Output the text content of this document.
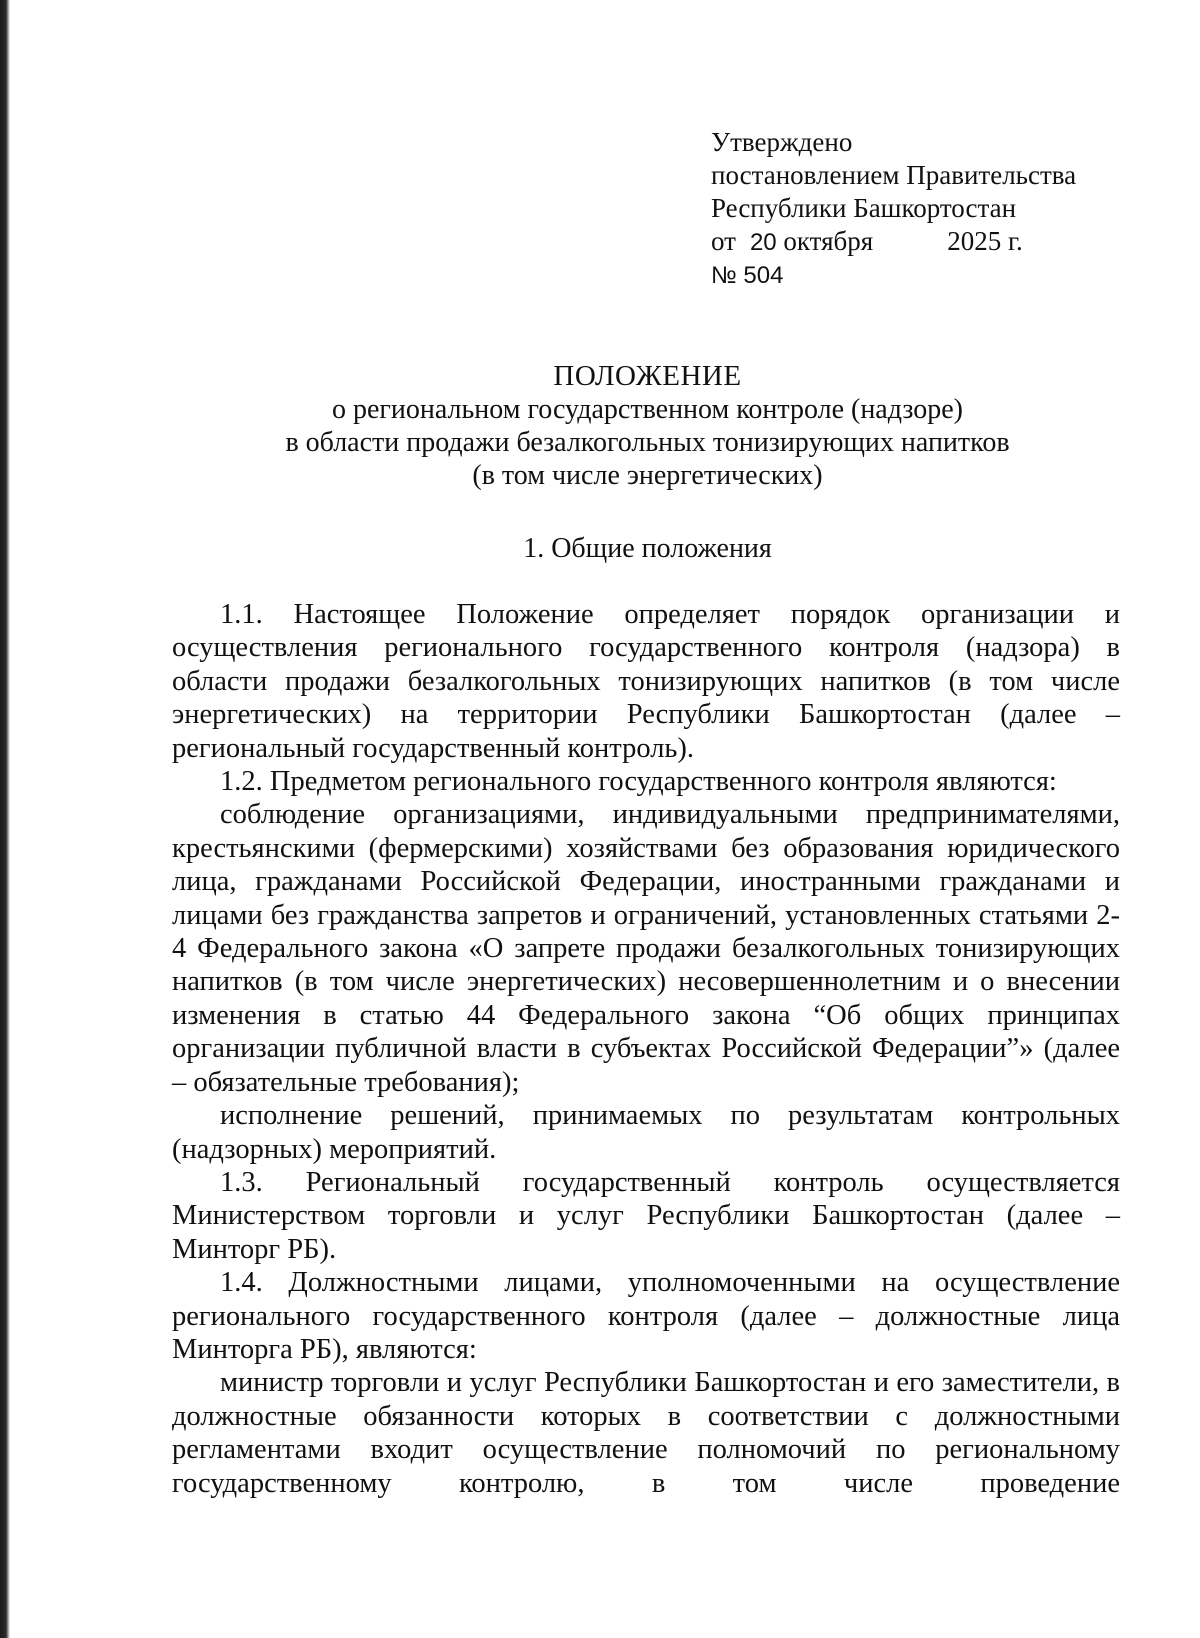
Утверждено
постановлением Правительства
Республики Башкортостан
от 20 октября	2025 г.
№ 504
ПОЛОЖЕНИЕ
о региональном государственном контроле (надзоре)
в области продажи безалкогольных тонизирующих напитков
(в том числе энергетических)
1. Общие положения

1.1. Настоящее Положение определяет порядок организации и осуществления регионального государственного контроля (надзора) в области продажи безалкогольных тонизирующих напитков (в том числе энергетических) на территории Республики Башкортостан (далее – региональный государственный контроль).

1.2. Предметом регионального государственного контроля являются:

соблюдение организациями, индивидуальными предпринимателями, крестьянскими (фермерскими) хозяйствами без образования юридического лица, гражданами Российской Федерации, иностранными гражданами и лицами без гражданства запретов и ограничений, установленных статьями 2-4 Федерального закона «О запрете продажи безалкогольных тонизирующих напитков (в том числе энергетических) несовершеннолетним и о внесении изменения в статью 44 Федерального закона “Об общих принципах организации публичной власти в субъектах Российской Федерации”» (далее – обязательные требования);

исполнение решений, принимаемых по результатам контрольных (надзорных) мероприятий.

1.3. Региональный государственный контроль осуществляется Министерством торговли и услуг Республики Башкортостан (далее – Минторг РБ).

1.4. Должностными лицами, уполномоченными на осуществление регионального государственного контроля (далее – должностные лица Минторга РБ), являются:

министр торговли и услуг Республики Башкортостан и его заместители, в должностные обязанности которых в соответствии с должностными регламентами входит осуществление полномочий по региональному государственному контролю, в том числе проведение
